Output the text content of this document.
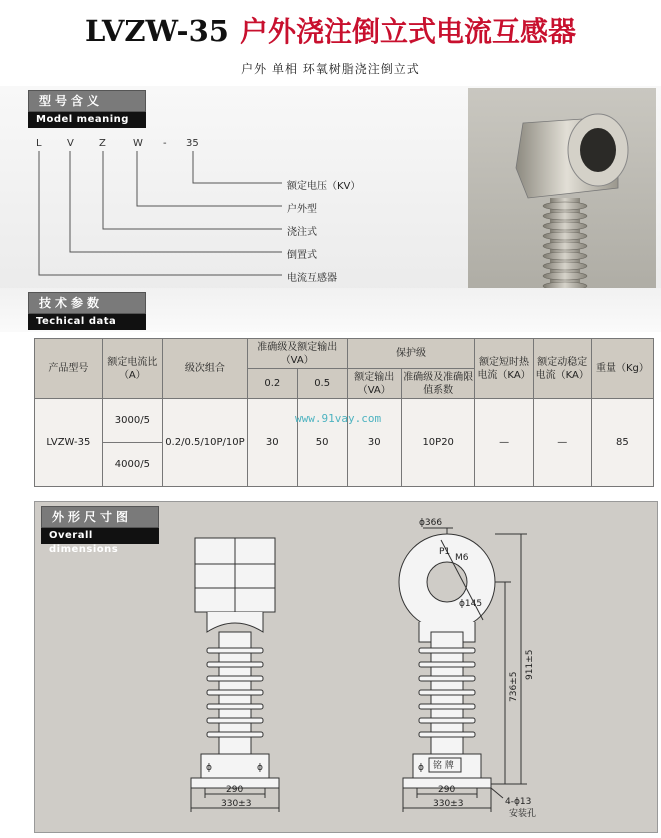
LVZW-35 户外浇注倒立式电流互感器
户外 单相 环氧树脂浇注倒立式
型号含义
Model meaning
L	V	Z	W - 35
额定电压（KV）
户外型
浇注式
倒置式
电流互感器
技术参数
Techical data
产品型号	额定电流比（A）	级次组合	准确级及额定输出（VA）		保护级		额定短时热电流（KA）	额定动稳定电流（KA）	重量（Kg）
			0.2	0.5	额定输出（VA）	准确级及准确限值系数			
LVZW-35	3000/5	0.2/0.5/10P/10P	30	50	30	10P20	—	—	85
	4000/5								
www.91vay.com
ϕ366
P1
M6
ϕ145
911±5
736±5
290
330±3
290
330±3	4-ϕ13
安装孔
铭 牌
ϕ	ϕ	ϕ
外形尺寸图
Overall dimensions
